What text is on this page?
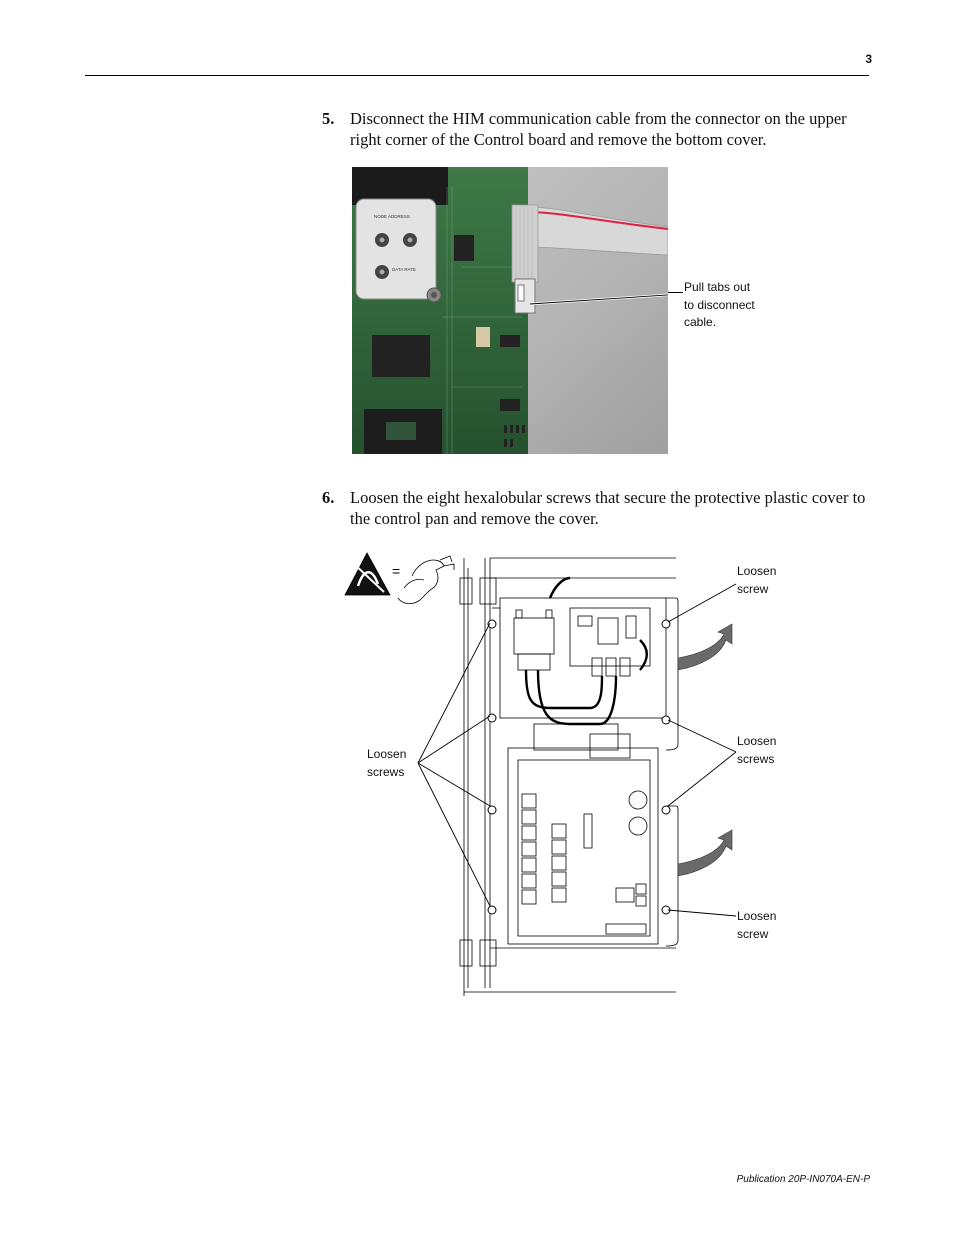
3
5. Disconnect the HIM communication cable from the connector on the upper right corner of the Control board and remove the bottom cover.
NODE ADDRESS
DATA RATE
Pull tabs out
to disconnect
cable.
6. Loosen the eight hexalobular screws that secure the protective plastic cover to the control pan and remove the cover.
=
Loosen
screws
Loosen
screw
Loosen
screws
Loosen
screw
Publication 20P-IN070A-EN-P
